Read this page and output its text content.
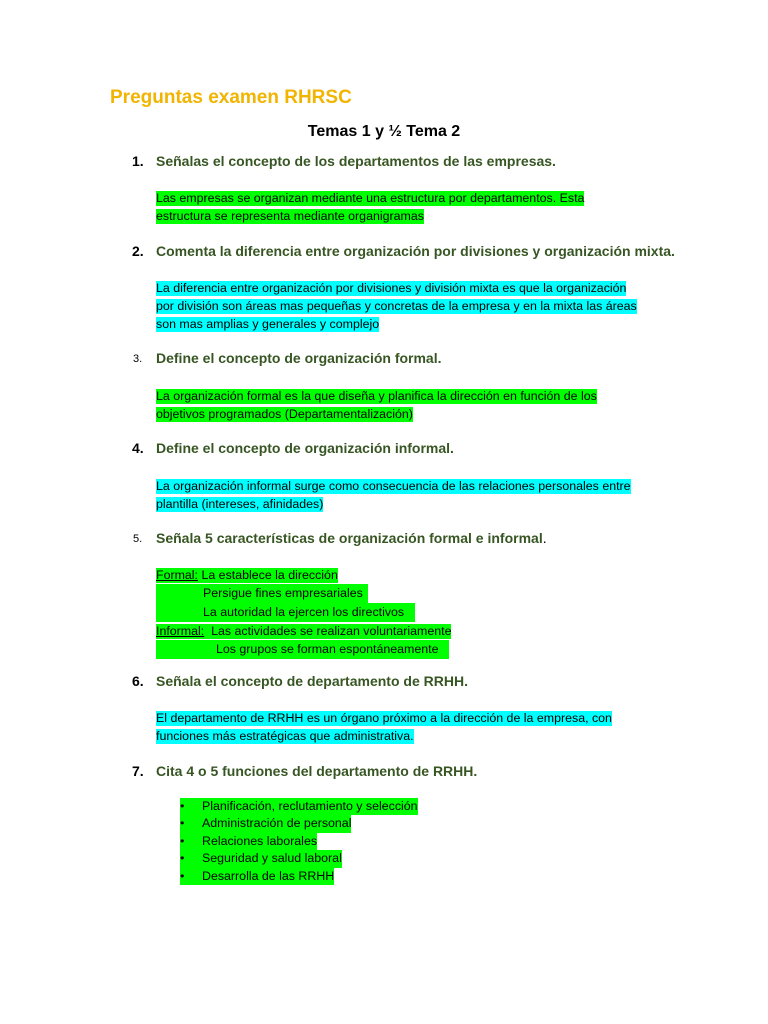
Preguntas examen RHRSC
Temas 1 y ½ Tema 2
1. Señalas el concepto de los departamentos de las empresas.

Las empresas se organizan mediante una estructura por departamentos. Esta
estructura se representa mediante organigramas
2. Comenta la diferencia entre organización por divisiones y organización mixta.

La diferencia entre organización por divisiones y división mixta es que la organización
por división son áreas mas pequeñas y concretas de la empresa y en la mixta las áreas
son mas amplias y generales y complejo
3. Define el concepto de organización formal.

La organización formal es la que diseña y planifica la dirección en función de los
objetivos programados (Departamentalización)
4. Define el concepto de organización informal.

La organización informal surge como consecuencia de las relaciones personales entre
plantilla (intereses, afinidades)
5. Señala 5 características de organización formal e informal.

Formal: La establece la dirección
Persigue fines empresariales
La autoridad la ejercen los directivos
Informal: Las actividades se realizan voluntariamente
Los grupos se forman espontáneamente
6. Señala el concepto de departamento de RRHH.

El departamento de RRHH es un órgano próximo a la dirección de la empresa, con
funciones más estratégicas que administrativa.
7. Cita 4 o 5 funciones del departamento de RRHH.

• Planificación, reclutamiento y selección
• Administración de personal
• Relaciones laborales
• Seguridad y salud laboral
• Desarrolla de las RRHH
